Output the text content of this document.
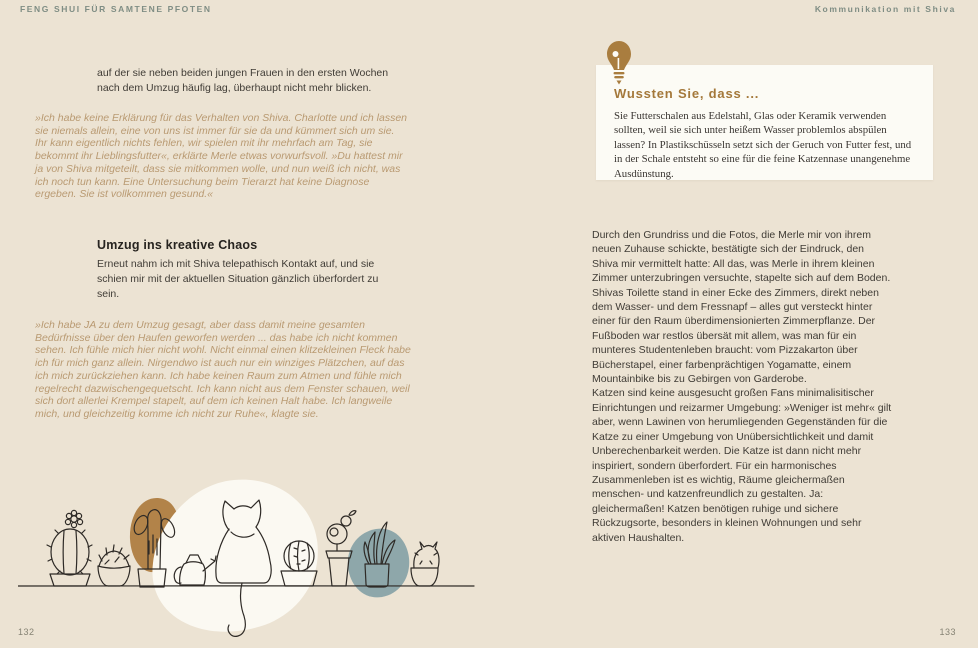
FENG SHUI FÜR SAMTENE PFOTEN	Kommunikation mit Shiva
auf der sie neben beiden jungen Frauen in den ersten Wochen nach dem Umzug häufig lag, überhaupt nicht mehr blicken.
»Ich habe keine Erklärung für das Verhalten von Shiva. Charlotte und ich lassen sie niemals allein, eine von uns ist immer für sie da und kümmert sich um sie. Ihr kann eigentlich nichts fehlen, wir spielen mit ihr mehrfach am Tag, sie bekommt ihr Lieblingsfutter«, erklärte Merle etwas vorwurfsvoll. »Du hattest mir ja von Shiva mitgeteilt, dass sie mitkommen wolle, und nun weiß ich nicht, was ich noch tun kann. Eine Untersuchung beim Tierarzt hat keine Diagnose ergeben. Sie ist vollkommen gesund.«
Umzug ins kreative Chaos
Erneut nahm ich mit Shiva telepathisch Kontakt auf, und sie schien mir mit der aktuellen Situation gänzlich überfordert zu sein.
»Ich habe JA zu dem Umzug gesagt, aber dass damit meine gesamten Bedürfnisse über den Haufen geworfen werden ... das habe ich nicht kommen sehen. Ich fühle mich hier nicht wohl. Nicht einmal einen klitzekleinen Fleck habe ich für mich ganz allein. Nirgendwo ist auch nur ein winziges Plätzchen, auf das ich mich zurückziehen kann. Ich habe keinen Raum zum Atmen und fühle mich regelrecht dazwischengequetscht. Ich kann nicht aus dem Fenster schauen, weil sich dort allerlei Krempel stapelt, auf dem ich keinen Halt habe. Ich langweile mich, und gleichzeitig komme ich nicht zur Ruhe«, klagte sie.
Wussten Sie, dass ...
Sie Futterschalen aus Edelstahl, Glas oder Keramik verwenden sollten, weil sie sich unter heißem Wasser problemlos abspülen lassen? In Plastikschüsseln setzt sich der Geruch von Futter fest, und in der Schale entsteht so eine für die feine Katzennase unangenehme Ausdünstung.

Durch den Grundriss und die Fotos, die Merle mir von ihrem neuen Zuhause schickte, bestätigte sich der Eindruck, den Shiva mir vermittelt hatte: All das, was Merle in ihrem kleinen Zimmer unterzubringen versuchte, stapelte sich auf dem Boden. Shivas Toilette stand in einer Ecke des Zimmers, direkt neben dem Wasser- und dem Fressnapf – alles gut versteckt hinter einer für den Raum überdimensionierten Zimmerpflanze. Der Fußboden war restlos übersät mit allem, was man für ein munteres Studentenleben braucht: vom Pizzakarton über Bücherstapel, einer farbenprächtigen Yogamatte, einem Mountainbike bis zu Gebirgen von Garderobe.

Katzen sind keine ausgesucht großen Fans minimalisitischer Einrichtungen und reizarmer Umgebung: »Weniger ist mehr« gilt aber, wenn Lawinen von herumliegenden Gegenständen für die Katze zu einer Umgebung von Unübersichtlichkeit und damit Unberechenbarkeit werden. Die Katze ist dann nicht mehr inspiriert, sondern überfordert. Für ein harmonisches Zusammenleben ist es wichtig, Räume gleichermaßen menschen- und katzenfreundlich zu gestalten. Ja: gleichermaßen! Katzen benötigen ruhige und sichere Rückzugsorte, besonders in kleinen Wohnungen und sehr aktiven Haushalten.

132	133
